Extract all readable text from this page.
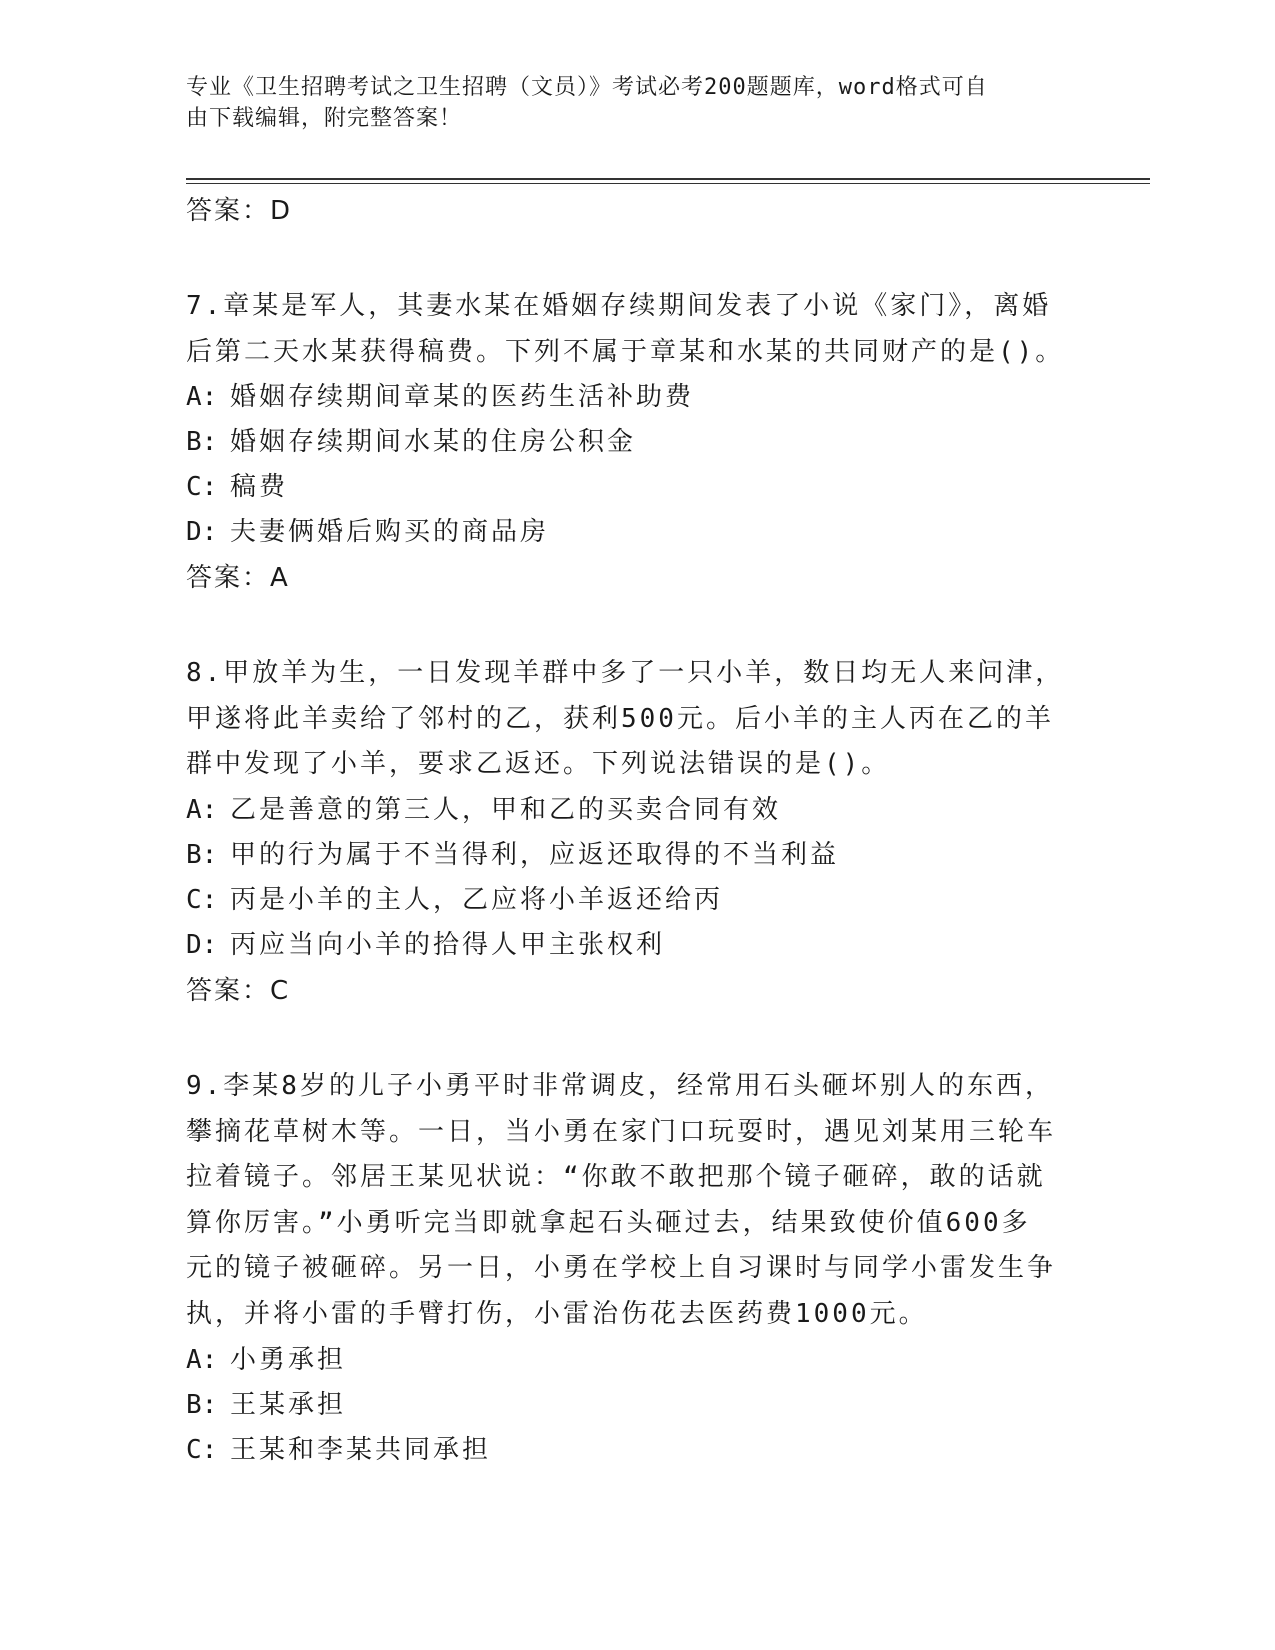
专业《卫生招聘考试之卫生招聘（文员）》考试必考200题题库，word格式可自
由下载编辑，附完整答案！
答案：D
7.章某是军人，其妻水某在婚姻存续期间发表了小说《家门》，离婚
后第二天水某获得稿费。下列不属于章某和水某的共同财产的是()。
A: 婚姻存续期间章某的医药生活补助费
B: 婚姻存续期间水某的住房公积金
C: 稿费
D: 夫妻俩婚后购买的商品房
答案：A
8.甲放羊为生，一日发现羊群中多了一只小羊，数日均无人来问津，
甲遂将此羊卖给了邻村的乙，获利500元。后小羊的主人丙在乙的羊
群中发现了小羊，要求乙返还。下列说法错误的是()。
A: 乙是善意的第三人，甲和乙的买卖合同有效
B: 甲的行为属于不当得利，应返还取得的不当利益
C: 丙是小羊的主人，乙应将小羊返还给丙
D: 丙应当向小羊的拾得人甲主张权利
答案：C
9.李某8岁的儿子小勇平时非常调皮，经常用石头砸坏别人的东西，
攀摘花草树木等。一日，当小勇在家门口玩耍时，遇见刘某用三轮车
拉着镜子。邻居王某见状说：“你敢不敢把那个镜子砸碎，敢的话就
算你厉害。”小勇听完当即就拿起石头砸过去，结果致使价值600多
元的镜子被砸碎。另一日，小勇在学校上自习课时与同学小雷发生争
执，并将小雷的手臂打伤，小雷治伤花去医药费1000元。
A: 小勇承担
B: 王某承担
C: 王某和李某共同承担
